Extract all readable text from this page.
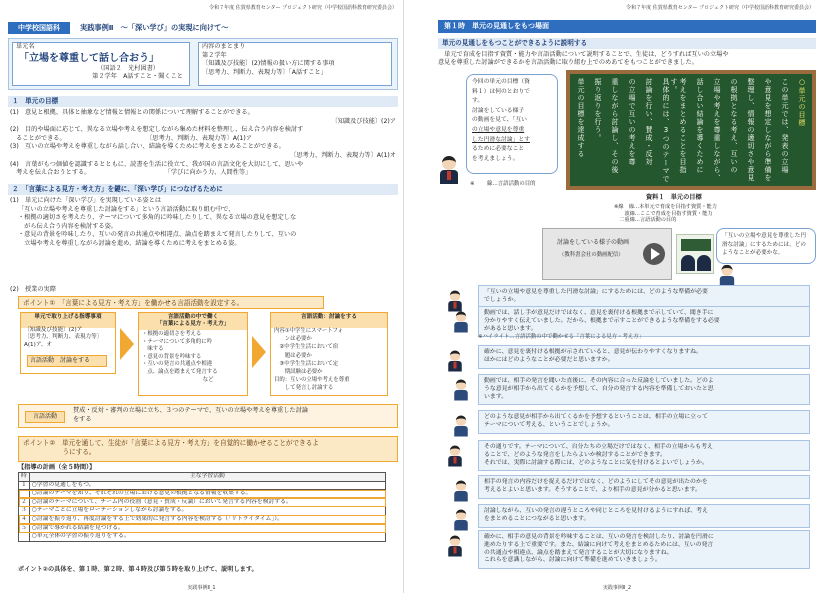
令和７年度 佐賀県教育センター プロジェクト研究（中学校国語科教育研究委員会）
中学校国語科	実践事例Ⅱ　～「深い学び」の実現に向けて～
単元名
「立場を尊重して話し合おう」
（国語２　光村図書）
第２学年　A話すこと・聞くこと
内容のまとまり
第２学年
〔知識及び技能〕(2)情報の扱い方に関する事項
〔思考力、判断力、表現力等〕「A話すこと」
１　単元の目標
(1)　意見と根拠、具体と抽象など情報と情報との関係について理解することができる。
〔知識及び技能〕(2)ア
(2)　目的や場面に応じて、異なる立場や考えを想定しながら集めた材料を整理し、伝え合う内容を検討す
　ることができる。　　　　　　　　　　　　　　〔思考力、判断力、表現力等〕A(1)ア
(3)　互いの立場や考えを尊重しながら話し合い、結論を導くために考えをまとめることができる。
〔思考力、判断力、表現力等〕A(1)オ
(4)　言葉がもつ価値を認識するとともに、読書を生活に役立て、我が国の言語文化を大切にして、思いや
　考えを伝え合おうとする。　　　　　　　　　　　　　「学びに向かう力、人間性等」
２　「言葉による見方・考え方」を鍵に、「深い学び」につなげるために
(1)　単元に向けた「深い学び」を実現している姿とは
「互いの立場や考えを尊重した討論をする」という言語活動に取り組む中で、
・根拠の適切さを考えたり、テーマについて多角的に吟味したりして、異なる立場の意見を想定しな
　がら伝え合う内容を検討する姿。
・意見の背景を吟味したり、互いの発言の共通点や相違点、論点を踏まえて発言したりして、互いの
　立場や考えを尊重しながら討論を進め、結論を導くために考えをまとめる姿。
(2)　授業の実際
ポイント①　「言葉による見方・考え方」を働かせる言語活動を設定する。
単元で取り上げる指導事項
〔知識及び技能〕(2)ア
〔思考力、判断力、表現力等〕
A(1)ア、オ
言語活動　討論をする
言語活動の中で働く
「言葉による見方・考え方」
・根拠の適切さを考える
・テーマについて多角的に吟
　味する
・意見の背景を吟味する
・互いの発言の共通点や相違
　点、論点を踏まえて発言する
　など
言語活動：討論をする
内容①中学生にスマートフォ
　　ンは必要か
　②中学生生活において宿
　　題は必要か
　③中学生生活において定
　　期試験は必要か
目的：互いの立場や考えを尊重
　　して発言し討論する
言語活動
賛成・反対・審判の立場に立ち、３つのテーマで、互いの立場や考えを尊重した討論
をする
ポイント②　単元を通して、生徒が「言葉による見方・考え方」を自覚的に働かせることができるよ
　　　　　　うにする。
【指導の計画（全５時間）】
時	主な学習活動
１	○学習の見通しをもつ。
	○討論のテーマを知り、それぞれの立場における意見の根拠となる情報を収集する。
２	○討論のテーマについて、チーム内の役割（意見・賛成・反論）において発言する内容を検討する。
３	○テーマごとに立場をローテーションしながら討論をする。
４	○討論を振り返り、再度討論をする上で効果的に発言する内容を検討する（「リトライタイム」）。
５	○討論で導かれる結論を見つける。
	○単元全体の学習の振り返りをする。
ポイント②の具体を、第１時、第２時、第４時及び第５時を取り上げて、説明します。
実践事例Ⅱ_1
令和７年度 佐賀県教育センター プロジェクト研究（中学校国語科教育研究委員会）
第１時　単元の見通しをもつ場面
単元の見通しをもつことができるように説明する
　単元で育成を目指す資質・能力や言語活動について説明することで、生徒は、どうすれば互いの立場や
意見を尊重した討論ができるかを言語活動に取り組む上でのめあてをもつことができました。
今回の単元の目標（資
料１）は何のとおりで
す。
討論をしている様子
の動画を見て、「互い
の立場や意見を尊重
した円滑な討論」とす
るために必要なこと
を考えましょう。
※ 　　線…言語活動の目的
○単元の目標
この単元では、発表の立場
や意見を想定しながら準備を
整理し、情報の適切さや意見
の根拠となる考え、互いの
立場や考えを尊重しながら、
話し合い結論を導くために
考えをまとめることを目指す。
具体的には、3つのテーマで
討論を行い、賛成・反対
の立場で互いの考えを尊
重しながら討論し、その後
振り返りを行う。
単元の目標を達成する
資料１　単元の目標
※線　線…本単元で育成を目指す資質・能力
　　波線…ここで育成を目指す資質・能力
　二重線…言語活動の目的
討論をしている様子の動画
（教科書会社の動画配信）
「互いの立場や意見を尊重した円
滑な討論」にするためには、どの
ようなことが必要かな。
「互いの立場や意見を尊重した円滑な討論」にするためには、どのような準備が必要
でしょうか。
動画では、話し手が意見だけではなく、意見を裏付ける根拠まで示していて、聞き手に
分かりやすく伝えていました。だから、根拠まで示すことができるような準備をする必要
があると思います。
確かに、意見を裏付ける根拠が示されていると、意見が伝わりやすくなりますね。
ほかにはどのようなことが必要だと思いますか。
動画では、相手の発言を聞いた直後に、その内容に合った反論をしていました。どのよ
うな意見が相手から出てくるかを予想して、自分の発言する内容を準備しておいたと思
います。
どのような意見が相手から出てくるかを予想するということは、相手の立場に立って
テーマについて考える、ということでしょうか。
その通りです。テーマについて、自分たちの立場だけではなく、相手の立場からも考え
ることで、どのような発言をしたらよいか検討することができます。
それでは、実際に討論する際には、どのようなことに気を付けるとよいでしょうか。
相手の発言の内容だけを捉えるだけではなく、どのようにしてその意見が出たのかを
考えるとよいと思います。そうすることで、より相手の意見が分かると思います。
討論しながら、互いの発言の違うところや同じところを見付けるようにすれば、考え
をまとめることにつながると思います。
確かに、相手の意見の背景を吟味することは、互いの発言を検討したり、討論を円滑に
進めたりする上で重要です。また、結論に向けて考えをまとめるためには、互いの発言
の共通点や相違点、論点を踏まえて発言することが大切になりますね。
これらを意識しながら、討論に向けて準備を進めていきましょう。
※ハイライト…言語活動の中で働かせる「言葉による見方・考え方」
実践事例Ⅱ_2
